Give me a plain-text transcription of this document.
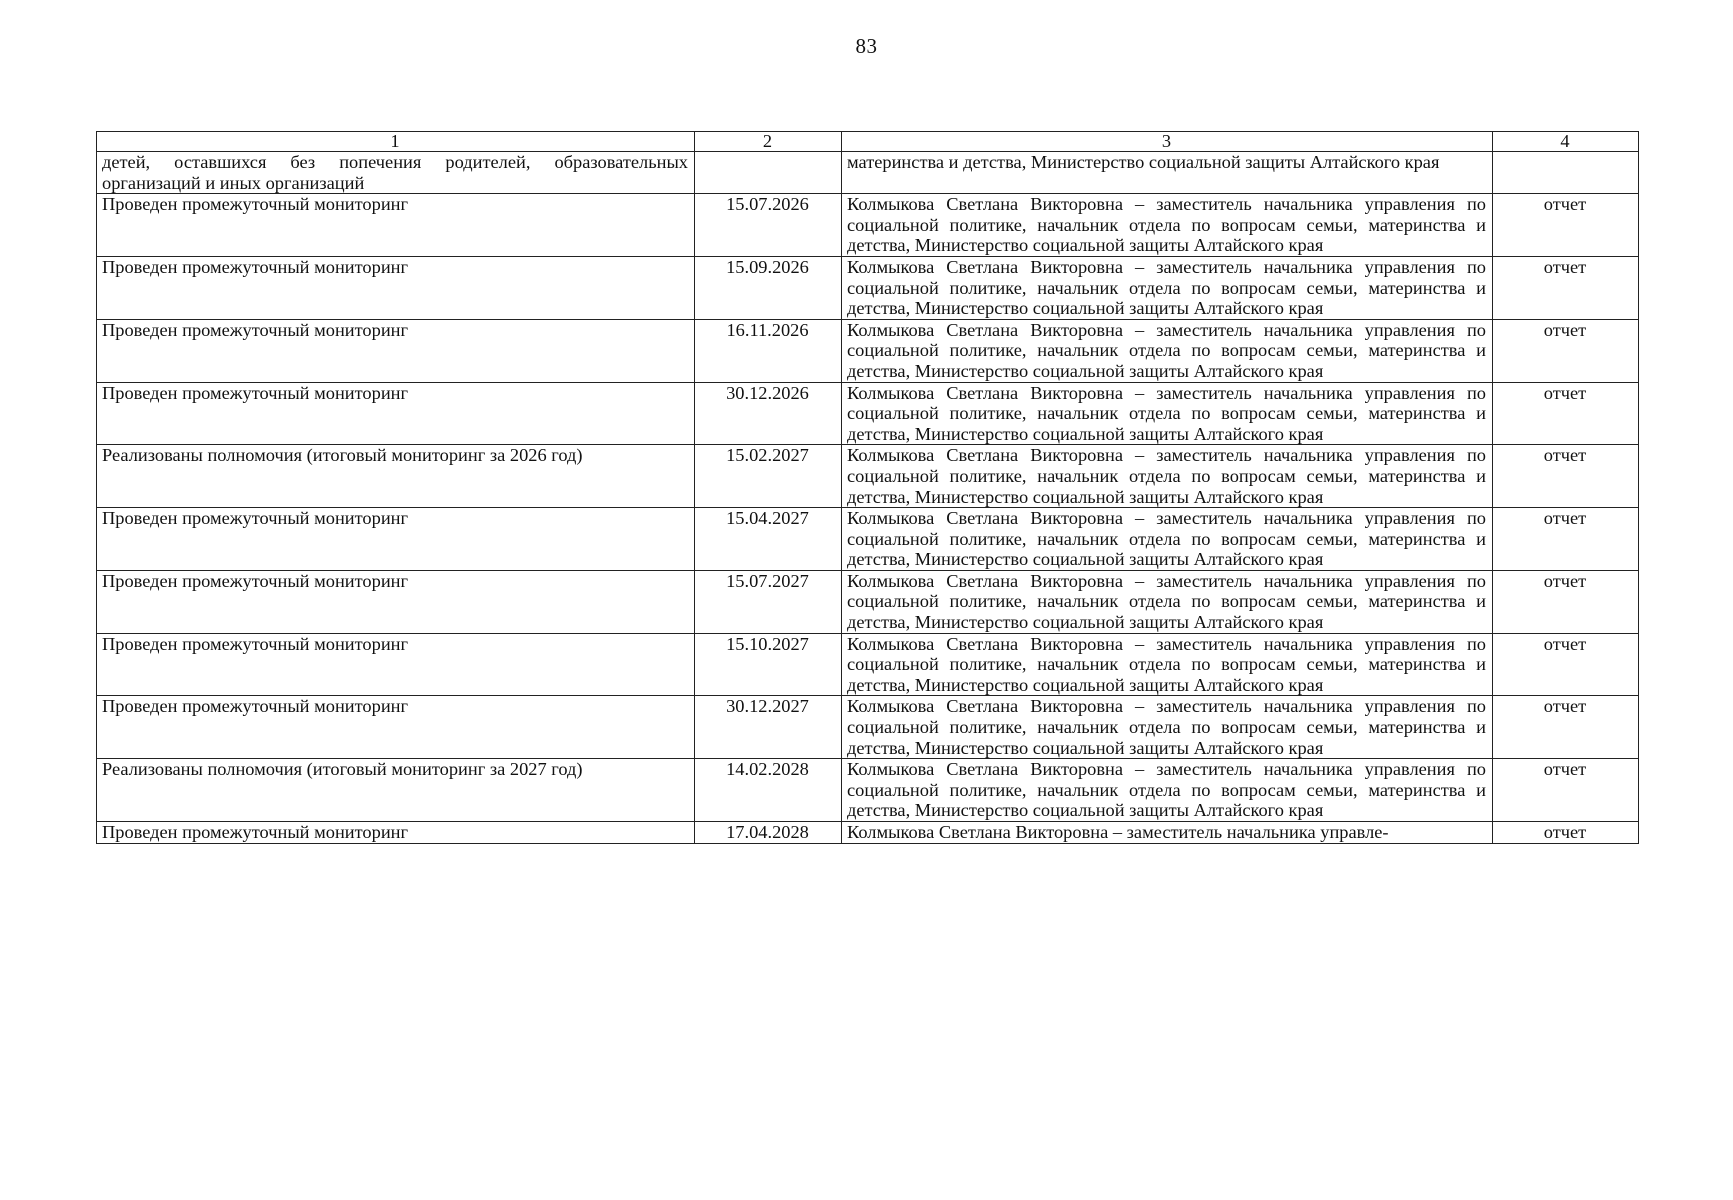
83
1	2	3	4
детей, оставшихся без попечения родителей, образовательных организаций и иных организаций		материнства и детства, Министерство социальной защиты Алтайского края	
Проведен промежуточный мониторинг	15.07.2026	Колмыкова Светлана Викторовна – заместитель начальника управления по социальной политике, начальник отдела по вопросам семьи, материнства и детства, Министерство социальной защиты Алтайского края	отчет
Проведен промежуточный мониторинг	15.09.2026	Колмыкова Светлана Викторовна – заместитель начальника управления по социальной политике, начальник отдела по вопросам семьи, материнства и детства, Министерство социальной защиты Алтайского края	отчет
Проведен промежуточный мониторинг	16.11.2026	Колмыкова Светлана Викторовна – заместитель начальника управления по социальной политике, начальник отдела по вопросам семьи, материнства и детства, Министерство социальной защиты Алтайского края	отчет
Проведен промежуточный мониторинг	30.12.2026	Колмыкова Светлана Викторовна – заместитель начальника управления по социальной политике, начальник отдела по вопросам семьи, материнства и детства, Министерство социальной защиты Алтайского края	отчет
Реализованы полномочия (итоговый мониторинг за 2026 год)	15.02.2027	Колмыкова Светлана Викторовна – заместитель начальника управления по социальной политике, начальник отдела по вопросам семьи, материнства и детства, Министерство социальной защиты Алтайского края	отчет
Проведен промежуточный мониторинг	15.04.2027	Колмыкова Светлана Викторовна – заместитель начальника управления по социальной политике, начальник отдела по вопросам семьи, материнства и детства, Министерство социальной защиты Алтайского края	отчет
Проведен промежуточный мониторинг	15.07.2027	Колмыкова Светлана Викторовна – заместитель начальника управления по социальной политике, начальник отдела по вопросам семьи, материнства и детства, Министерство социальной защиты Алтайского края	отчет
Проведен промежуточный мониторинг	15.10.2027	Колмыкова Светлана Викторовна – заместитель начальника управления по социальной политике, начальник отдела по вопросам семьи, материнства и детства, Министерство социальной защиты Алтайского края	отчет
Проведен промежуточный мониторинг	30.12.2027	Колмыкова Светлана Викторовна – заместитель начальника управления по социальной политике, начальник отдела по вопросам семьи, материнства и детства, Министерство социальной защиты Алтайского края	отчет
Реализованы полномочия (итоговый мониторинг за 2027 год)	14.02.2028	Колмыкова Светлана Викторовна – заместитель начальника управления по социальной политике, начальник отдела по вопросам семьи, материнства и детства, Министерство социальной защиты Алтайского края	отчет
Проведен промежуточный мониторинг	17.04.2028	Колмыкова Светлана Викторовна – заместитель начальника управле-	отчет
